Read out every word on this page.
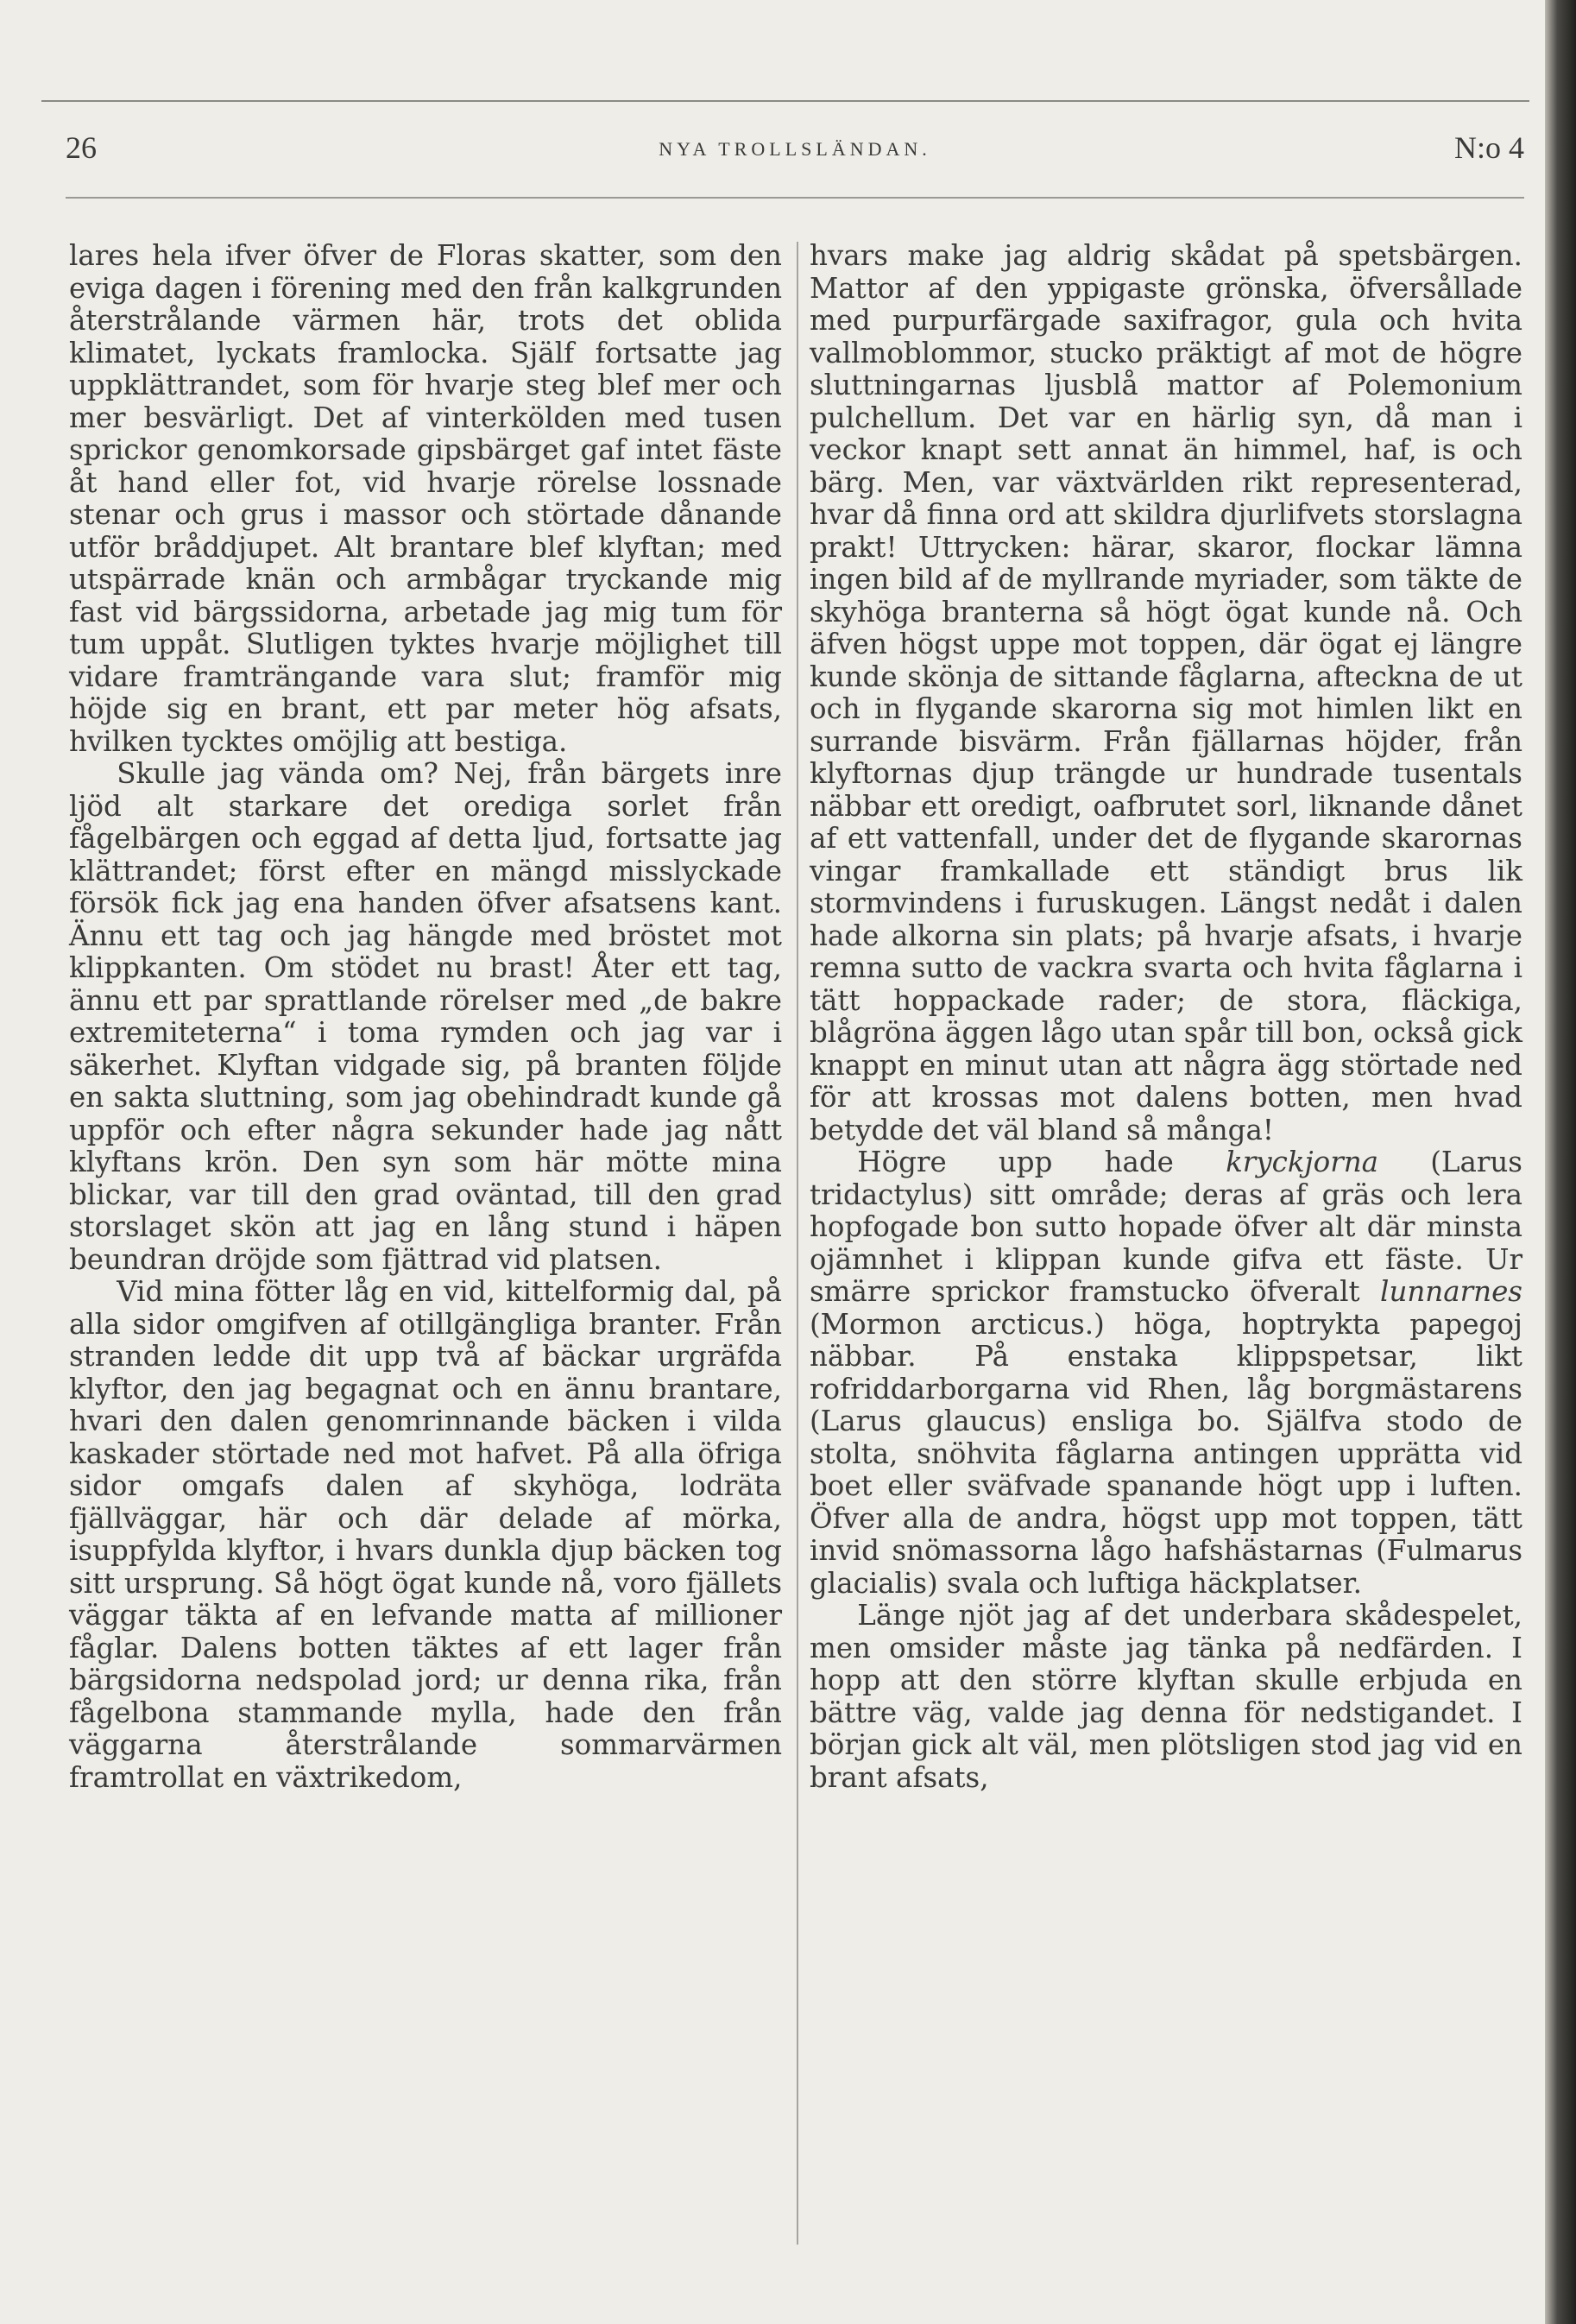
26	NYA TROLLSLÄNDAN.	N:o 4

lares hela ifver öfver de Floras skatter, som den eviga dagen i förening med den från kalkgrunden återstrålande värmen här, trots det oblida klimatet, lyckats framlocka. Själf fortsatte jag uppklättrandet, som för hvarje steg blef mer och mer besvärligt. Det af vinterkölden med tusen sprickor genomkorsade gipsbärget gaf intet fäste åt hand eller fot, vid hvarje rörelse lossnade stenar och grus i massor och störtade dånande utför bråddjupet. Alt brantare blef klyftan; med utspärrade knän och armbågar tryckande mig fast vid bärgssidorna, arbetade jag mig tum för tum uppåt. Slutligen tyktes hvarje möjlighet till vidare framträngande vara slut; framför mig höjde sig en brant, ett par meter hög afsats, hvilken tycktes omöjlig att bestiga.

Skulle jag vända om? Nej, från bärgets inre ljöd alt starkare det orediga sorlet från fågelbärgen och eggad af detta ljud, fortsatte jag klättrandet; först efter en mängd misslyckade försök fick jag ena handen öfver afsatsens kant. Ännu ett tag och jag hängde med bröstet mot klippkanten. Om stödet nu brast! Åter ett tag, ännu ett par sprattlande rörelser med „de bakre extremiteterna“ i toma rymden och jag var i säkerhet. Klyftan vidgade sig, på branten följde en sakta sluttning, som jag obehindradt kunde gå uppför och efter några sekunder hade jag nått klyftans krön. Den syn som här mötte mina blickar, var till den grad oväntad, till den grad storslaget skön att jag en lång stund i häpen beundran dröjde som fjättrad vid platsen.

Vid mina fötter låg en vid, kittelformig dal, på alla sidor omgifven af otillgängliga branter. Från stranden ledde dit upp två af bäckar urgräfda klyftor, den jag begagnat och en ännu brantare, hvari den dalen genomrinnande bäcken i vilda kaskader störtade ned mot hafvet. På alla öfriga sidor omgafs dalen af skyhöga, lodräta fjällväggar, här och där delade af mörka, isuppfylda klyftor, i hvars dunkla djup bäcken tog sitt ursprung. Så högt ögat kunde nå, voro fjällets väggar täkta af en lefvande matta af millioner fåglar. Dalens botten täktes af ett lager från bärgsidorna nedspolad jord; ur denna rika, från fågelbona stammande mylla, hade den från väggarna återstrålande sommarvärmen framtrollat en växtrikedom,

hvars make jag aldrig skådat på spetsbärgen. Mattor af den yppigaste grönska, öfversållade med purpurfärgade saxifragor, gula och hvita vallmoblommor, stucko präktigt af mot de högre sluttningarnas ljusblå mattor af Polemonium pulchellum. Det var en härlig syn, då man i veckor knapt sett annat än himmel, haf, is och bärg. Men, var växtvärlden rikt representerad, hvar då finna ord att skildra djurlifvets storslagna prakt! Uttrycken: härar, skaror, flockar lämna ingen bild af de myllrande myriader, som täkte de skyhöga branterna så högt ögat kunde nå. Och äfven högst uppe mot toppen, där ögat ej längre kunde skönja de sittande fåglarna, afteckna de ut och in flygande skarorna sig mot himlen likt en surrande bisvärm. Från fjällarnas höjder, från klyftornas djup trängde ur hundrade tusentals näbbar ett oredigt, oafbrutet sorl, liknande dånet af ett vattenfall, under det de flygande skarornas vingar framkallade ett ständigt brus lik stormvindens i furuskugen. Längst nedåt i dalen hade alkorna sin plats; på hvarje afsats, i hvarje remna sutto de vackra svarta och hvita fåglarna i tätt hoppackade rader; de stora, fläckiga, blågröna äggen lågo utan spår till bon, också gick knappt en minut utan att några ägg störtade ned för att krossas mot dalens botten, men hvad betydde det väl bland så många!

Högre upp hade kryckjorna (Larus tridactylus) sitt område; deras af gräs och lera hopfogade bon sutto hopade öfver alt där minsta ojämnhet i klippan kunde gifva ett fäste. Ur smärre sprickor framstucko öfveralt lunnarnes (Mormon arcticus.) höga, hoptrykta papegoj näbbar. På enstaka klippspetsar, likt rofriddarborgarna vid Rhen, låg borgmästarens (Larus glaucus) ensliga bo. Själfva stodo de stolta, snöhvita fåglarna antingen upprätta vid boet eller sväfvade spanande högt upp i luften. Öfver alla de andra, högst upp mot toppen, tätt invid snömassorna lågo hafshästarnas (Fulmarus glacialis) svala och luftiga häckplatser.

Länge njöt jag af det underbara skådespelet, men omsider måste jag tänka på nedfärden. I hopp att den större klyftan skulle erbjuda en bättre väg, valde jag denna för nedstigandet. I början gick alt väl, men plötsligen stod jag vid en brant afsats,
